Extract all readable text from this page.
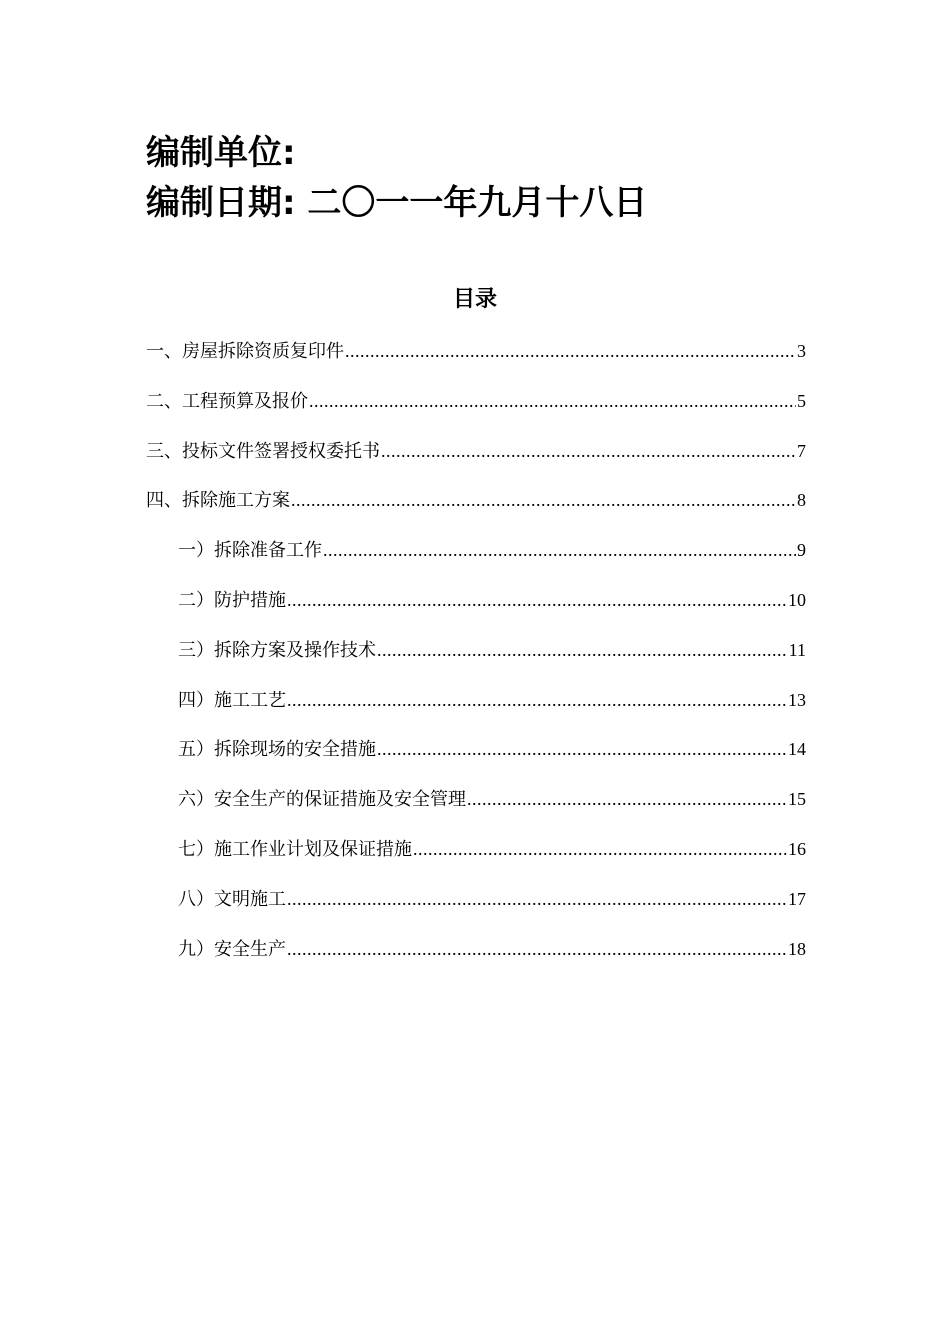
编制单位:
编制日期: 二〇一一年九月十八日
目录
一、房屋拆除资质复印件 .....	3
二、工程预算及报价 .....	5
三、投标文件签署授权委托书 .....	7
四、拆除施工方案 .....	8
一）拆除准备工作 .....	9
二）防护措施 .....	10
三）拆除方案及操作技术 .....	11
四）施工工艺 .....	13
五）拆除现场的安全措施 .....	14
六）安全生产的保证措施及安全管理 .....	15
七）施工作业计划及保证措施 .....	16
八）文明施工 .....	17
九）安全生产 .....	18
